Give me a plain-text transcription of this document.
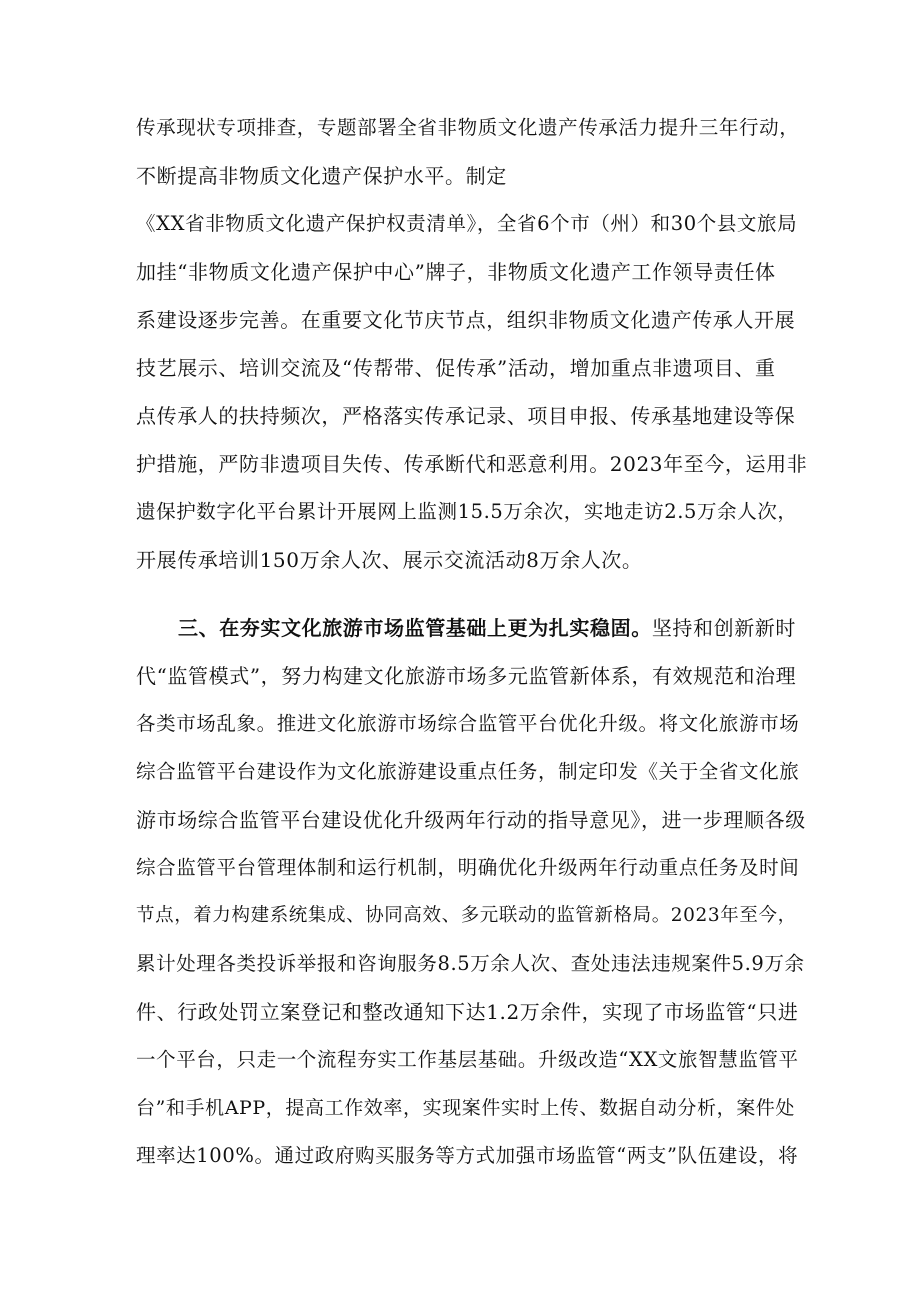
传承现状专项排查，专题部署全省非物质文化遗产传承活力提升三年行动，
不断提高非物质文化遗产保护水平。制定
《XX省非物质文化遗产保护权责清单》，全省6个市（州）和30个县文旅局
加挂“非物质文化遗产保护中心”牌子，非物质文化遗产工作领导责任体
系建设逐步完善。在重要文化节庆节点，组织非物质文化遗产传承人开展
技艺展示、培训交流及“传帮带、促传承”活动，增加重点非遗项目、重
点传承人的扶持频次，严格落实传承记录、项目申报、传承基地建设等保
护措施，严防非遗项目失传、传承断代和恶意利用。2023年至今，运用非
遗保护数字化平台累计开展网上监测15.5万余次，实地走访2.5万余人次，
开展传承培训150万余人次、展示交流活动8万余人次。
三、在夯实文化旅游市场监管基础上更为扎实稳固。坚持和创新新时
代“监管模式”，努力构建文化旅游市场多元监管新体系，有效规范和治理
各类市场乱象。推进文化旅游市场综合监管平台优化升级。将文化旅游市场
综合监管平台建设作为文化旅游建设重点任务，制定印发《关于全省文化旅
游市场综合监管平台建设优化升级两年行动的指导意见》，进一步理顺各级
综合监管平台管理体制和运行机制，明确优化升级两年行动重点任务及时间
节点，着力构建系统集成、协同高效、多元联动的监管新格局。2023年至今，
累计处理各类投诉举报和咨询服务8.5万余人次、查处违法违规案件5.9万余
件、行政处罚立案登记和整改通知下达1.2万余件，实现了市场监管“只进
一个平台，只走一个流程夯实工作基层基础。升级改造“XX文旅智慧监管平
台”和手机APP，提高工作效率，实现案件实时上传、数据自动分析，案件处
理率达100%。通过政府购买服务等方式加强市场监管“两支”队伍建设，将
